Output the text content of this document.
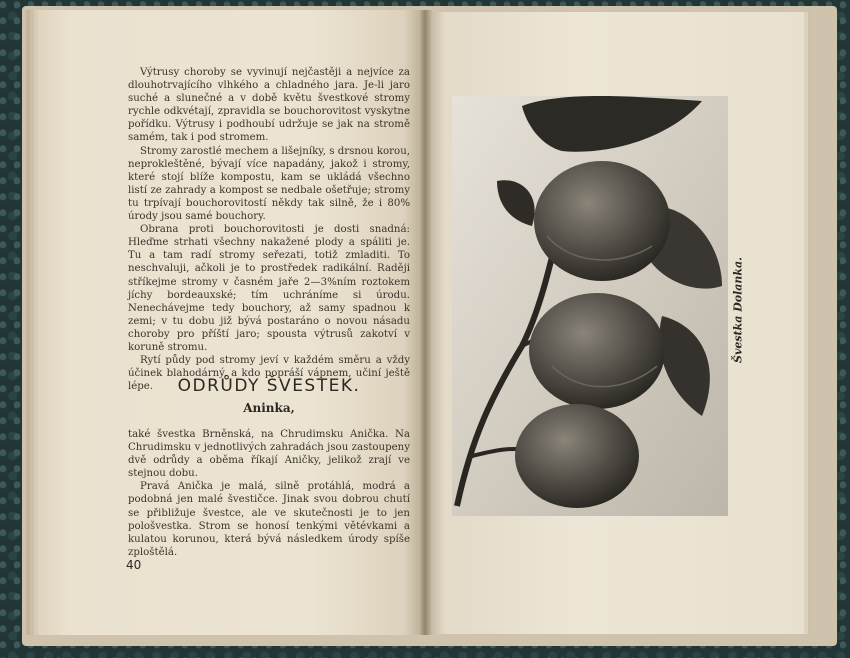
Výtrusy choroby se vyvinují nejčastěji a nejvíce za dlouhotrvajícího vlhkého a chladného jara. Je-li jaro suché a slunečné a v době květu švestkové stromy rychle odkvétají, zpravidla se bouchorovitost vyskytne pořídku. Výtrusy i podhoubí udržuje se jak na stromě samém, tak i pod stromem.

Stromy zarostlé mechem a lišejníky, s drsnou korou, neprokleštěné, bývají více napadány, jakož i stromy, které stojí blíže kompostu, kam se ukládá všechno listí ze zahrady a kompost se nedbale ošetřuje; stromy tu trpívají bouchorovitostí někdy tak silně, že i 80% úrody jsou samé bouchory.

Obrana proti bouchorovitosti je dosti snadná: Hleďme strhati všechny nakažené plody a spáliti je. Tu a tam radí stromy seřezati, totiž zmladiti. To neschvaluji, ačkoli je to prostředek radikální. Raději stříkejme stromy v časném jaře 2—3%ním roztokem jíchy bordeauxské; tím uchráníme si úrodu. Nenechávejme tedy bouchory, až samy spadnou k zemi; v tu dobu již bývá postaráno o novou násadu choroby pro příští jaro; spousta výtrusů zakotví v koruně stromu.

Rytí půdy pod stromy jeví v každém směru a vždy účinek blahodárný, a kdo popráší vápnem, učiní ještě lépe.	ODRŮDY ŠVESTEK.
Aninka,

také švestka Brněnská, na Chrudimsku Anička. Na Chrudimsku v jednotlivých zahradách jsou zastoupeny dvě odrůdy a oběma říkají Aničky, jelikož zrají ve stejnou dobu.

Pravá Anička je malá, silně protáhlá, modrá a podobná jen malé švestičce. Jinak svou dobrou chutí se přibližuje švestce, ale ve skutečnosti je to jen pološvestka. Strom se honosí tenkými větévkami a kulatou korunou, která bývá následkem úrody spíše zploštělá.

40
Švestka Dolanka.
